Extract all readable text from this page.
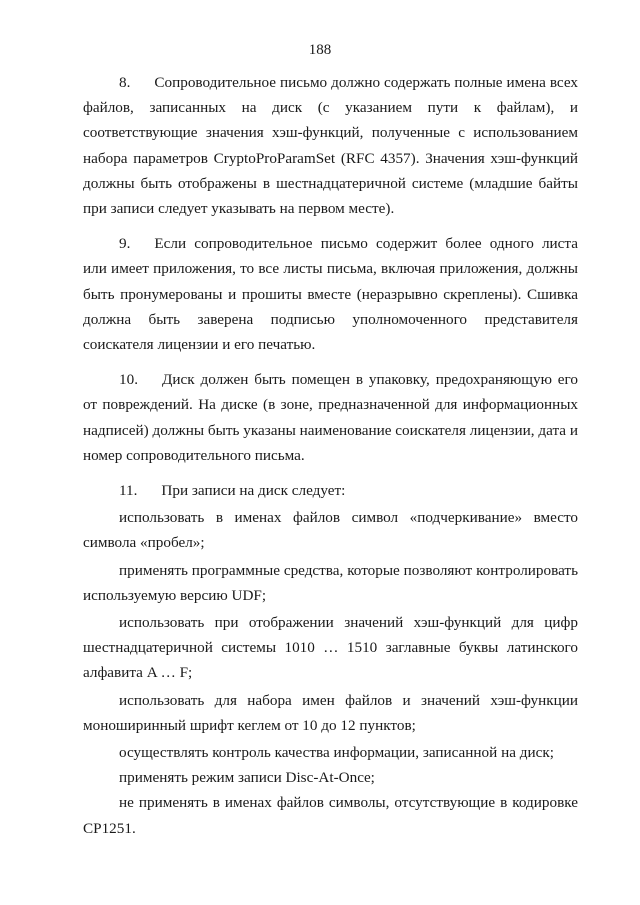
188

8. Сопроводительное письмо должно содержать полные имена всех файлов, записанных на диск (с указанием пути к файлам), и соответствующие значения хэш-функций, полученные с использованием набора параметров CryptoProParamSet (RFC 4357). Значения хэш-функций должны быть отображены в шестнадцатеричной системе (младшие байты при записи следует указывать на первом месте).

9. Если сопроводительное письмо содержит более одного листа или имеет приложения, то все листы письма, включая приложения, должны быть пронумерованы и прошиты вместе (неразрывно скреплены). Сшивка должна быть заверена подписью уполномоченного представителя соискателя лицензии и его печатью.

10. Диск должен быть помещен в упаковку, предохраняющую его от повреждений. На диске (в зоне, предназначенной для информационных надписей) должны быть указаны наименование соискателя лицензии, дата и номер сопроводительного письма.

11. При записи на диск следует:

использовать в именах файлов символ «подчеркивание» вместо символа «пробел»;

применять программные средства, которые позволяют контролировать используемую версию UDF;

использовать при отображении значений хэш-функций для цифр шестнадцатеричной системы 1010 … 1510 заглавные буквы латинского алфавита A … F;

использовать для набора имен файлов и значений хэш-функции моноширинный шрифт кеглем от 10 до 12 пунктов;

осуществлять контроль качества информации, записанной на диск;

применять режим записи Disc-At-Once;

не применять в именах файлов символы, отсутствующие в кодировке CP1251.
